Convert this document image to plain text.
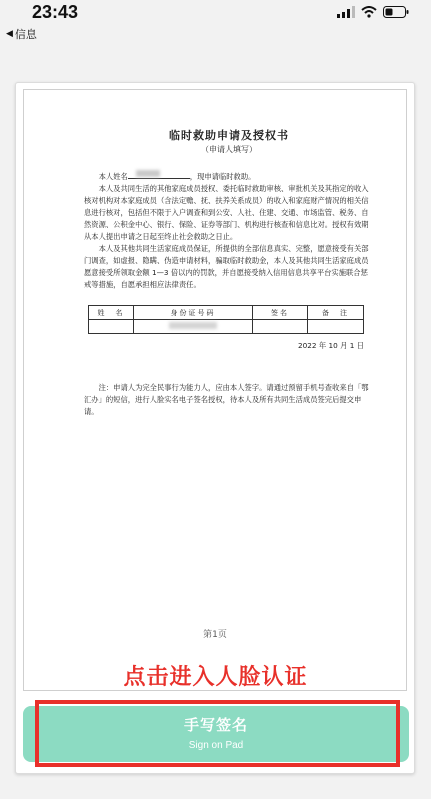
23:43
◀ 信息
临时救助申请及授权书
（申请人填写）

本人姓名	，现申请临时救助。

本人及共同生活的其他家庭成员授权、委托临时救助审核、审批机关及其指定的收入核对机构对本家庭成员（含法定赡、抚、扶养关系成员）的收入和家庭财产情况的相关信息进行核对，包括但不限于入户调查和到公安、人社、住建、交通、市场监管、税务、自然资源、公积金中心、银行、保险、证券等部门、机构进行核查和信息比对。授权有效期从本人提出申请之日起至终止社会救助之日止。

本人及其他共同生活家庭成员保证，所提供的全部信息真实、完整，愿意接受有关部门调查，如虚报、隐瞒、伪造申请材料，骗取临时救助金，本人及其他共同生活家庭成员愿意接受所领取金额 1—3 倍以内的罚款，并自愿接受纳入信用信息共享平台实施联合惩戒等措施，自愿承担相应法律责任。

姓　名	身份证号码	签名	备　注

2022 年 10 月 1 日

注：申请人为完全民事行为能力人，应由本人签字。请通过预留手机号查收来自「鄂汇办」的短信，进行人脸实名电子签名授权，待本人及所有共同生活成员签完后提交申请。

第1页
点击进入人脸认证
手写签名
Sign on Pad
